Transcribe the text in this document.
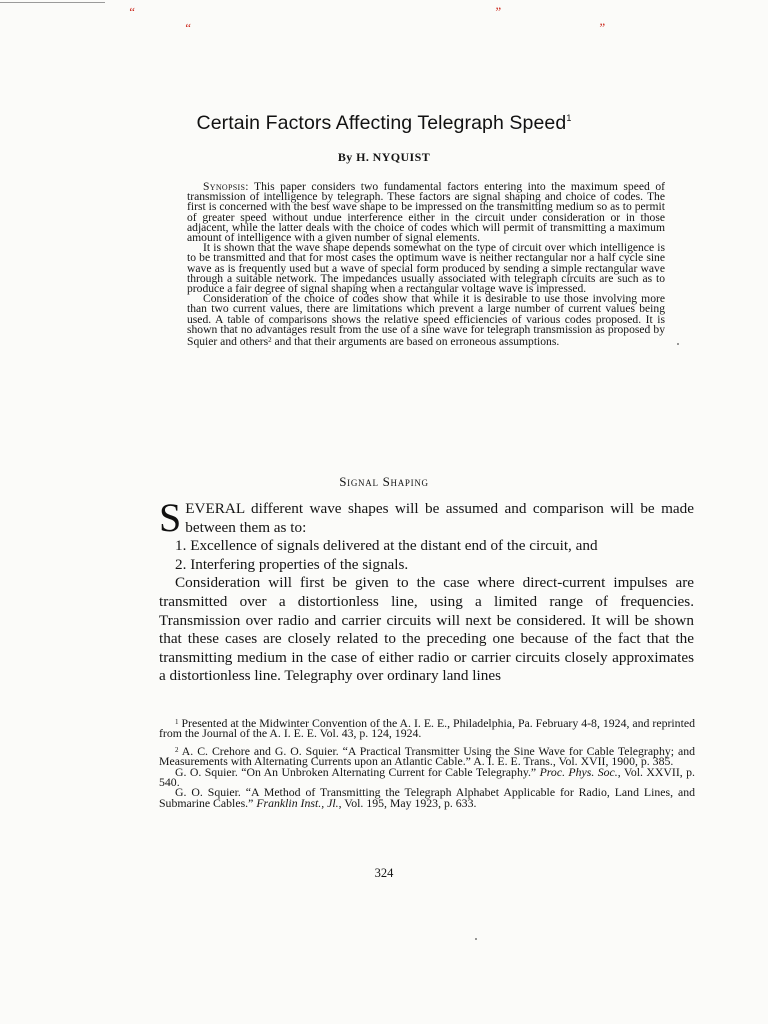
“	”
“	”
Certain Factors Affecting Telegraph Speed$^1$
By H. NYQUIST

Synopsis: This paper considers two fundamental factors entering into the maximum speed of transmission of intelligence by telegraph. These factors are signal shaping and choice of codes. The first is concerned with the best wave shape to be impressed on the transmitting medium so as to permit of greater speed without undue interference either in the circuit under consideration or in those adjacent, while the latter deals with the choice of codes which will permit of transmitting a maximum amount of intelligence with a given number of signal elements.

It is shown that the wave shape depends somewhat on the type of circuit over which intelligence is to be transmitted and that for most cases the optimum wave is neither rectangular nor a half cycle sine wave as is frequently used but a wave of special form produced by sending a simple rectangular wave through a suitable network. The impedances usually associated with telegraph circuits are such as to produce a fair degree of signal shaping when a rectangular voltage wave is impressed.

Consideration of the choice of codes show that while it is desirable to use those involving more than two current values, there are limitations which prevent a large number of current values being used. A table of comparisons shows the relative speed efficiencies of various codes proposed. It is shown that no advantages result from the use of a sine wave for telegraph transmission as proposed by Squier and others$^2$ and that their arguments are based on erroneous assumptions.

Signal Shaping

SEVERAL different wave shapes will be assumed and comparison will be made between them as to:

1. Excellence of signals delivered at the distant end of the circuit, and

2. Interfering properties of the signals.

Consideration will first be given to the case where direct-current impulses are transmitted over a distortionless line, using a limited range of frequencies. Transmission over radio and carrier circuits will next be considered. It will be shown that these cases are closely related to the preceding one because of the fact that the transmitting medium in the case of either radio or carrier circuits closely approximates a distortionless line. Telegraphy over ordinary land lines

$^1$ Presented at the Midwinter Convention of the A. I. E. E., Philadelphia, Pa. February 4-8, 1924, and reprinted from the Journal of the A. I. E. E. Vol. 43, p. 124, 1924.

$^2$ A. C. Crehore and G. O. Squier. “A Practical Transmitter Using the Sine Wave for Cable Telegraphy; and Measurements with Alternating Currents upon an Atlantic Cable.” A. I. E. E. Trans., Vol. XVII, 1900, p. 385.

G. O. Squier. “On An Unbroken Alternating Current for Cable Telegraphy.” Proc. Phys. Soc., Vol. XXVII, p. 540.

G. O. Squier. “A Method of Transmitting the Telegraph Alphabet Applicable for Radio, Land Lines, and Submarine Cables.” Franklin Inst., Jl., Vol. 195, May 1923, p. 633.

324
